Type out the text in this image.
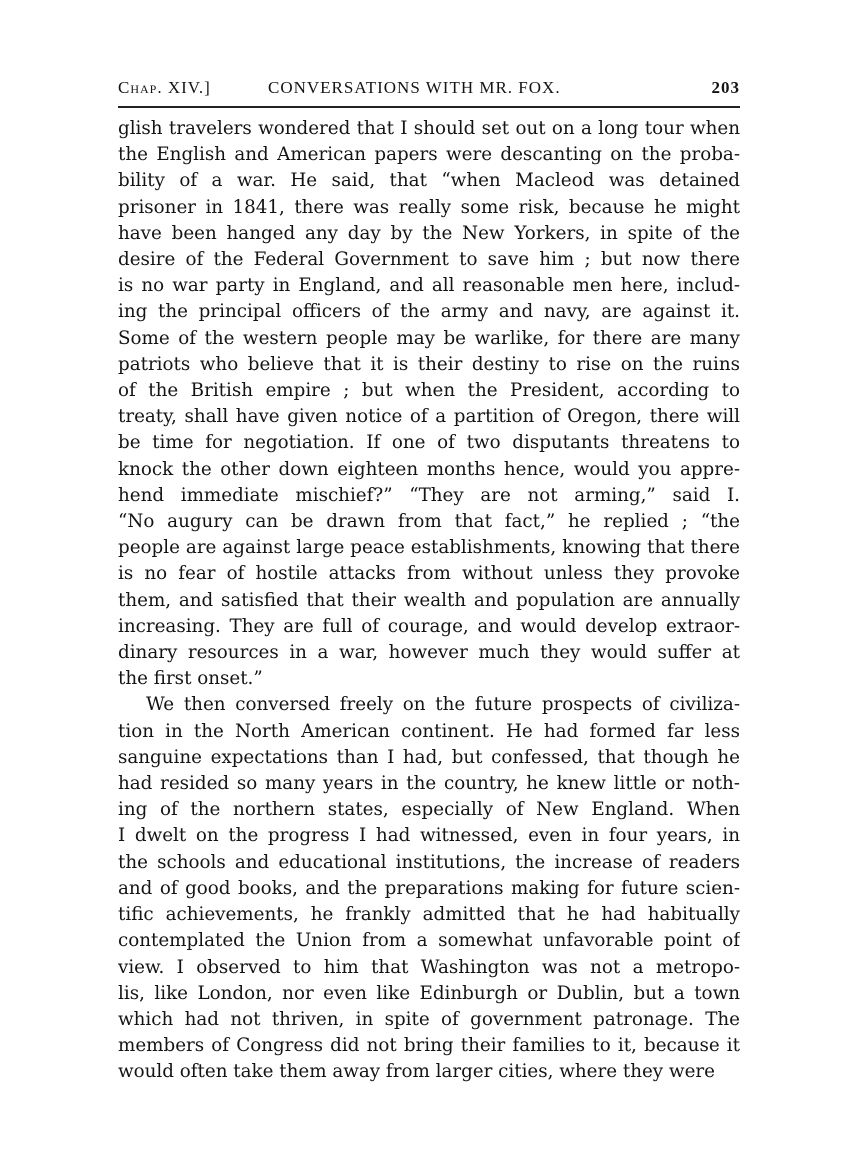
Chap. XIV.]	CONVERSATIONS WITH MR. FOX.	203
glish travelers wondered that I should set out on a long tour when
the English and American papers were descanting on the proba-
bility of a war. He said, that “when Macleod was detained
prisoner in 1841, there was really some risk, because he might
have been hanged any day by the New Yorkers, in spite of the
desire of the Federal Government to save him ; but now there
is no war party in England, and all reasonable men here, includ-
ing the principal officers of the army and navy, are against it.
Some of the western people may be warlike, for there are many
patriots who believe that it is their destiny to rise on the ruins
of the British empire ; but when the President, according to
treaty, shall have given notice of a partition of Oregon, there will
be time for negotiation. If one of two disputants threatens to
knock the other down eighteen months hence, would you appre-
hend immediate mischief?” “They are not arming,” said I.
“No augury can be drawn from that fact,” he replied ; “the
people are against large peace establishments, knowing that there
is no fear of hostile attacks from without unless they provoke
them, and satisfied that their wealth and population are annually
increasing. They are full of courage, and would develop extraor-
dinary resources in a war, however much they would suffer at
the first onset.”
We then conversed freely on the future prospects of civiliza-
tion in the North American continent. He had formed far less
sanguine expectations than I had, but confessed, that though he
had resided so many years in the country, he knew little or noth-
ing of the northern states, especially of New England. When
I dwelt on the progress I had witnessed, even in four years, in
the schools and educational institutions, the increase of readers
and of good books, and the preparations making for future scien-
tific achievements, he frankly admitted that he had habitually
contemplated the Union from a somewhat unfavorable point of
view. I observed to him that Washington was not a metropo-
lis, like London, nor even like Edinburgh or Dublin, but a town
which had not thriven, in spite of government patronage. The
members of Congress did not bring their families to it, because it
would often take them away from larger cities, where they were
